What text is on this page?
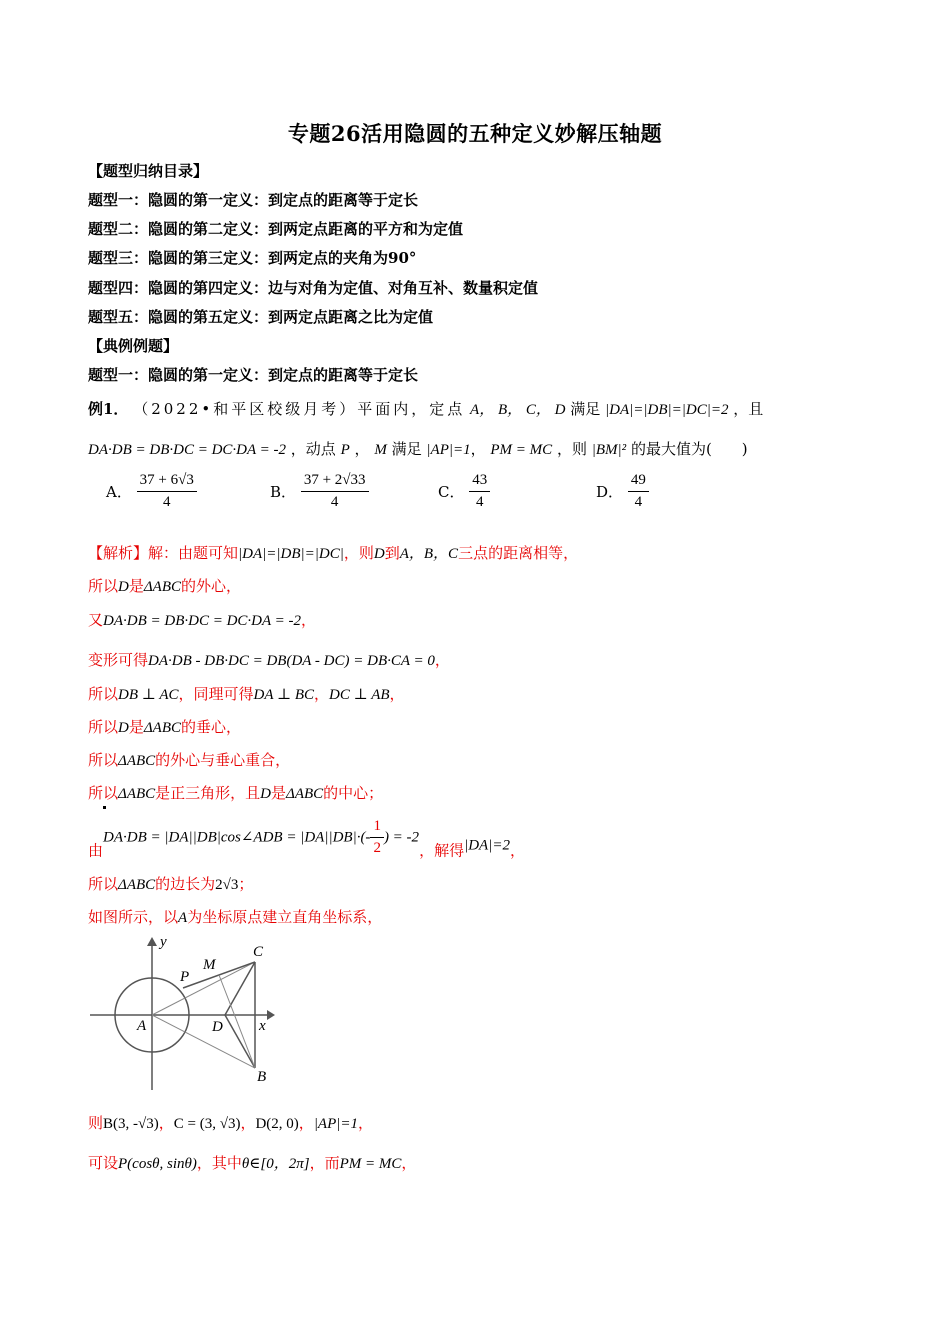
专题26活用隐圆的五种定义妙解压轴题
【题型归纳目录】
题型一：隐圆的第一定义：到定点的距离等于定长
题型二：隐圆的第二定义：到两定点距离的平方和为定值
题型三：隐圆的第三定义：到两定点的夹角为90°
题型四：隐圆的第四定义：边与对角为定值、对角互补、数量积定值
题型五：隐圆的第五定义：到两定点距离之比为定值
【典例例题】
题型一：隐圆的第一定义：到定点的距离等于定长
例1． （2022•和平区校级月考）平面内，定点 A， B， C， D 满足 |DA|=|DB|=|DC|=2 ，且
DA·DB = DB·DC = DC·DA = -2 ，动点 P ， M 满足 |AP|=1， PM = MC ，则 |BM|² 的最大值为(　　)
A． $\frac{37 + 6√3}{4}$	B． $\frac{37 + 2√33}{4}$	C． $\frac{43}{4}$	D． $\frac{49}{4}$
【解析】解：由题可知|DA|=|DB|=|DC|，则D到A，B，C三点的距离相等，
所以D是ΔABC的外心，
又DA·DB = DB·DC = DC·DA = -2，
变形可得DA·DB - DB·DC = DB(DA - DC) = DB·CA = 0，
所以DB ⊥ AC，同理可得DA ⊥ BC，DC ⊥ AB，
所以D是ΔABC的垂心，
所以ΔABC的外心与垂心重合，
所以ΔABC是正三角形，且D是ΔABC的中心；
由DA·DB = |DA||DB|cos∠ADB = $|DA||DB|\cdot(- \frac{1}{2}$ ) = -2，解得|DA|=2，
所以ΔABC的边长为2√3；
如图所示，以A为坐标原点建立直角坐标系，
y
x
A
B
C
D
P
M
则B(3, -√3)，C = (3, √3)，D(2, 0)，|AP|=1，
可设P(cosθ, sinθ)，其中θ∈[0，2π]，而PM = MC，
